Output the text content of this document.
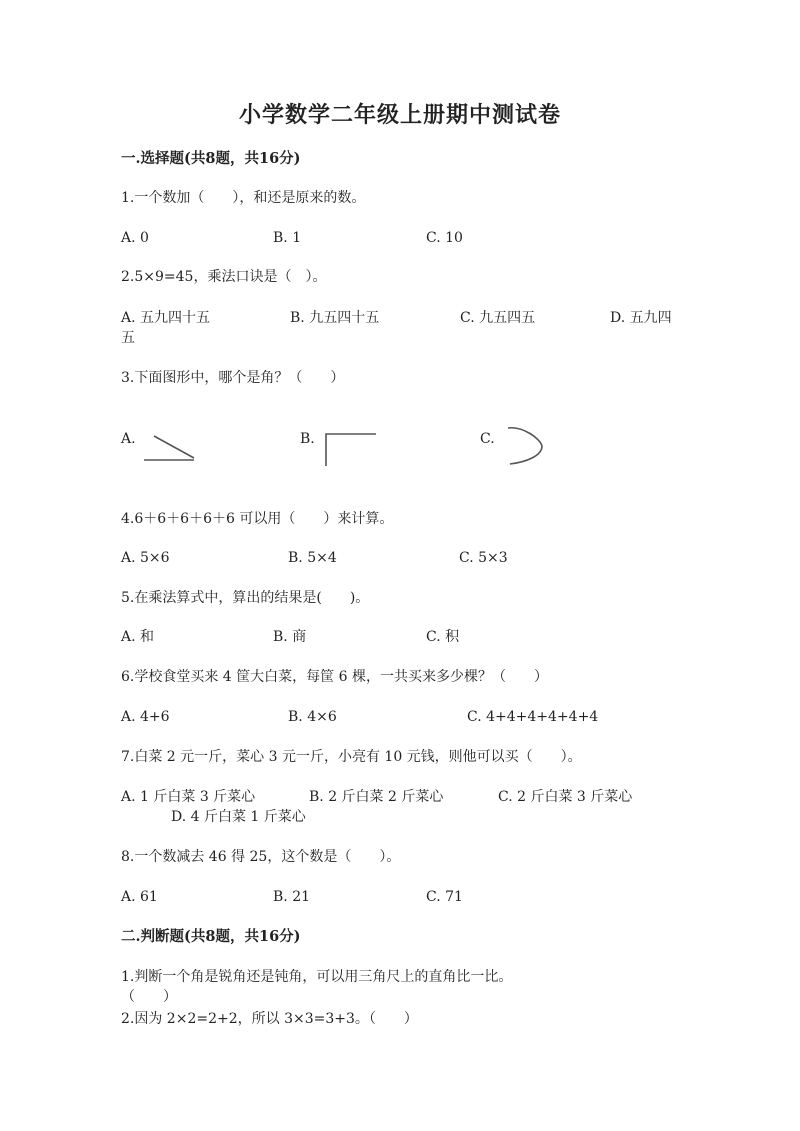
小学数学二年级上册期中测试卷
一.选择题(共8题，共16分)
1.一个数加（　　），和还是原来的数。
A. 0	B. 1	C. 10
2.5×9=45，乘法口诀是（　）。
A. 五九四十五	B. 九五四十五	C. 九五四五	D. 五九四
五
3.下面图形中，哪个是角？（　　）
A.	B.	C.
4.6＋6＋6＋6＋6 可以用（　　）来计算。
A. 5×6	B. 5×4	C. 5×3
5.在乘法算式中，算出的结果是(　　)。
A. 和	B. 商	C. 积
6.学校食堂买来 4 筐大白菜，每筐 6 棵，一共买来多少棵？（　　）
A. 4+6	B. 4×6	C. 4+4+4+4+4+4
7.白菜 2 元一斤，菜心 3 元一斤，小亮有 10 元钱，则他可以买（　　）。
A. 1 斤白菜 3 斤菜心	B. 2 斤白菜 2 斤菜心	C. 2 斤白菜 3 斤菜心
D. 4 斤白菜 1 斤菜心
8.一个数减去 46 得 25，这个数是（　　）。
A. 61	B. 21	C. 71
二.判断题(共8题，共16分)
1.判断一个角是锐角还是钝角，可以用三角尺上的直角比一比。
（　　）
2.因为 2×2=2+2，所以 3×3=3+3。（　　）
